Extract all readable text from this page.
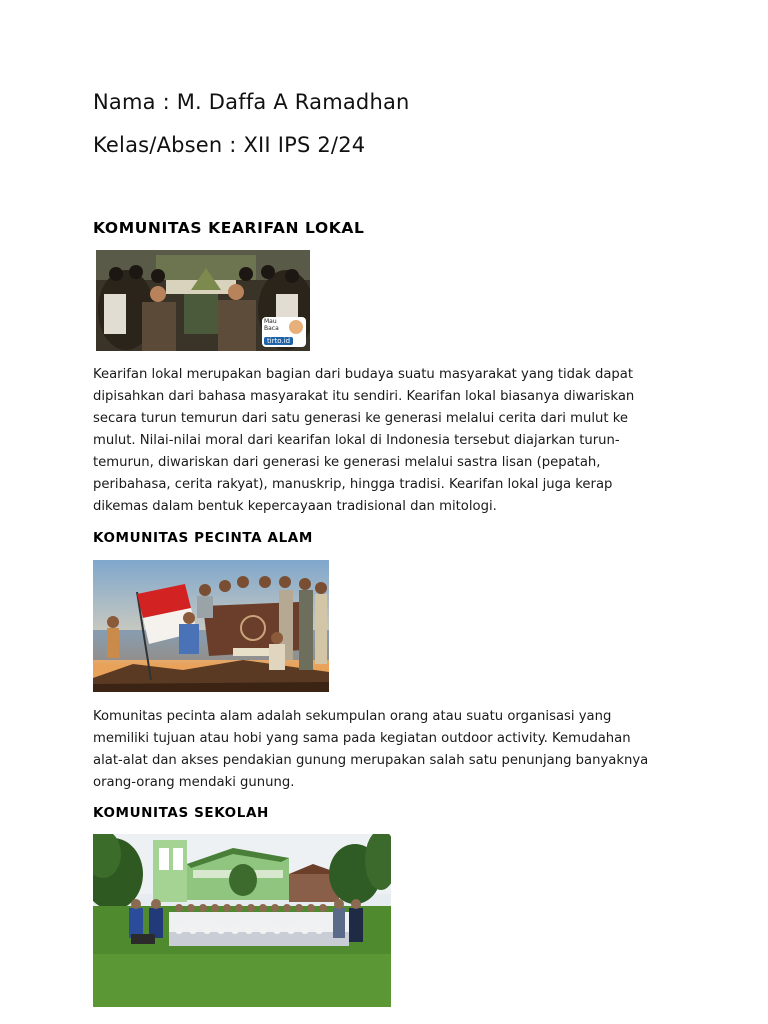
Nama : M. Daffa A Ramadhan
Kelas/Absen : XII IPS 2/24
KOMUNITAS KEARIFAN LOKAL
Mau Baca
tirto.id
Kearifan lokal merupakan bagian dari budaya suatu masyarakat yang tidak dapat
dipisahkan dari bahasa masyarakat itu sendiri. Kearifan lokal biasanya diwariskan
secara turun temurun dari satu generasi ke generasi melalui cerita dari mulut ke
mulut. Nilai-nilai moral dari kearifan lokal di Indonesia tersebut diajarkan turun-
temurun, diwariskan dari generasi ke generasi melalui sastra lisan (pepatah,
peribahasa, cerita rakyat), manuskrip, hingga tradisi. Kearifan lokal juga kerap
dikemas dalam bentuk kepercayaan tradisional dan mitologi.
KOMUNITAS PECINTA ALAM
Komunitas pecinta alam adalah sekumpulan orang atau suatu organisasi yang
memiliki tujuan atau hobi yang sama pada kegiatan outdoor activity. Kemudahan
alat-alat dan akses pendakian gunung merupakan salah satu penunjang banyaknya
orang-orang mendaki gunung.
KOMUNITAS SEKOLAH
